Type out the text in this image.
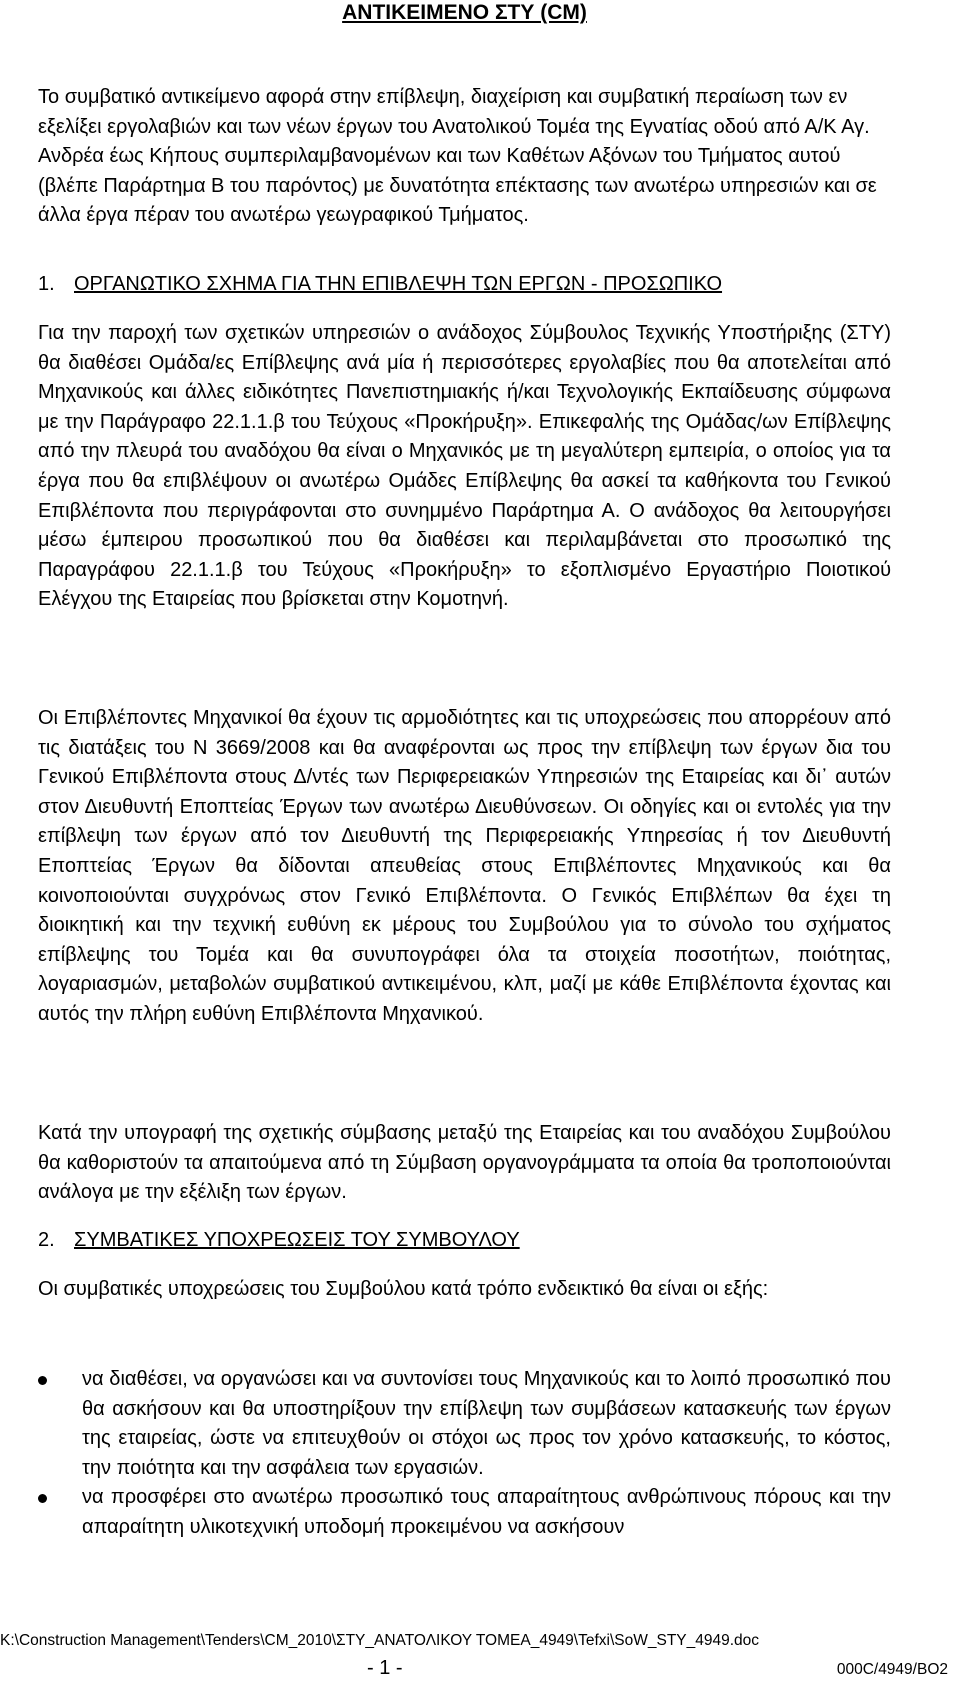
ΑΝΤΙΚΕΙΜΕΝΟ ΣΤΥ (CM)

Το συμβατικό αντικείμενο αφορά στην επίβλεψη, διαχείριση και συμβατική περαίωση των εν εξελίξει εργολαβιών και των νέων έργων του Ανατολικού Τομέα της Εγνατίας οδού από Α/Κ Αγ. Ανδρέα έως Κήπους συμπεριλαμβανομένων και των Καθέτων Αξόνων του Τμήματος αυτού (βλέπε Παράρτημα Β του παρόντος) με δυνατότητα επέκτασης των ανωτέρω υπηρεσιών και σε άλλα έργα πέραν του ανωτέρω γεωγραφικού Τμήματος.

1. ΟΡΓΑΝΩΤΙΚΟ ΣΧΗΜΑ ΓΙΑ ΤΗΝ ΕΠΙΒΛΕΨΗ ΤΩΝ ΕΡΓΩΝ - ΠΡΟΣΩΠΙΚΟ

Για την παροχή των σχετικών υπηρεσιών ο ανάδοχος Σύμβουλος Τεχνικής Υποστήριξης (ΣΤΥ) θα διαθέσει Ομάδα/ες Επίβλεψης ανά μία ή περισσότερες εργολαβίες που θα αποτελείται από Μηχανικούς και άλλες ειδικότητες Πανεπιστημιακής ή/και Τεχνολογικής Εκπαίδευσης σύμφωνα με την Παράγραφο 22.1.1.β του Τεύχους «Προκήρυξη». Επικεφαλής της Ομάδας/ων Επίβλεψης από την πλευρά του αναδόχου θα είναι ο Μηχανικός με τη μεγαλύτερη εμπειρία, ο οποίος για τα έργα που θα επιβλέψουν οι ανωτέρω Ομάδες Επίβλεψης θα ασκεί τα καθήκοντα του Γενικού Επιβλέποντα που περιγράφονται στο συνημμένο Παράρτημα Α. Ο ανάδοχος θα λειτουργήσει μέσω έμπειρου προσωπικού που θα διαθέσει και περιλαμβάνεται στο προσωπικό της Παραγράφου 22.1.1.β του Τεύχους «Προκήρυξη» το εξοπλισμένο Εργαστήριο Ποιοτικού Ελέγχου της Εταιρείας που βρίσκεται στην Κομοτηνή.

Οι Επιβλέποντες Μηχανικοί θα έχουν τις αρμοδιότητες και τις υποχρεώσεις που απορρέουν από τις διατάξεις του Ν 3669/2008 και θα αναφέρονται ως προς την επίβλεψη των έργων δια του Γενικού Επιβλέποντα στους Δ/ντές των Περιφερειακών Υπηρεσιών της Εταιρείας και δι᾽ αυτών στον Διευθυντή Εποπτείας Έργων των ανωτέρω Διευθύνσεων. Οι οδηγίες και οι εντολές για την επίβλεψη των έργων από τον Διευθυντή της Περιφερειακής Υπηρεσίας ή τον Διευθυντή Εποπτείας Έργων θα δίδονται απευθείας στους Επιβλέποντες Μηχανικούς και θα κοινοποιούνται συγχρόνως στον Γενικό Επιβλέποντα. Ο Γενικός Επιβλέπων θα έχει τη διοικητική και την τεχνική ευθύνη εκ μέρους του Συμβούλου για το σύνολο του σχήματος επίβλεψης του Τομέα και θα συνυπογράφει όλα τα στοιχεία ποσοτήτων, ποιότητας, λογαριασμών, μεταβολών συμβατικού αντικειμένου, κλπ, μαζί με κάθε Επιβλέποντα έχοντας και αυτός την πλήρη ευθύνη Επιβλέποντα Μηχανικού.

Κατά την υπογραφή της σχετικής σύμβασης μεταξύ της Εταιρείας και του αναδόχου Συμβούλου θα καθοριστούν τα απαιτούμενα από τη Σύμβαση οργανογράμματα τα οποία θα τροποποιούνται ανάλογα με την εξέλιξη των έργων.

2. ΣΥΜΒΑΤΙΚΕΣ ΥΠΟΧΡΕΩΣΕΙΣ ΤΟΥ ΣΥΜΒΟΥΛΟΥ

Οι συμβατικές υποχρεώσεις του Συμβούλου κατά τρόπο ενδεικτικό θα είναι οι εξής:

να διαθέσει, να οργανώσει και να συντονίσει τους Μηχανικούς και το λοιπό προσωπικό που θα ασκήσουν και θα υποστηρίξουν την επίβλεψη των συμβάσεων κατασκευής των έργων της εταιρείας, ώστε να επιτευχθούν οι στόχοι ως προς τον χρόνο κατασκευής, το κόστος, την ποιότητα και την ασφάλεια των εργασιών.
να προσφέρει στο ανωτέρω προσωπικό τους απαραίτητους ανθρώπινους πόρους και την απαραίτητη υλικοτεχνική υποδομή προκειμένου να ασκήσουν
K:\Construction Management\Tenders\CM_2010\ΣΤΥ_ΑΝΑΤΟΛΙΚΟΥ ΤΟΜΕΑ_4949\Tefxi\SoW_STY_4949.doc
- 1 -	000C/4949/BO2
